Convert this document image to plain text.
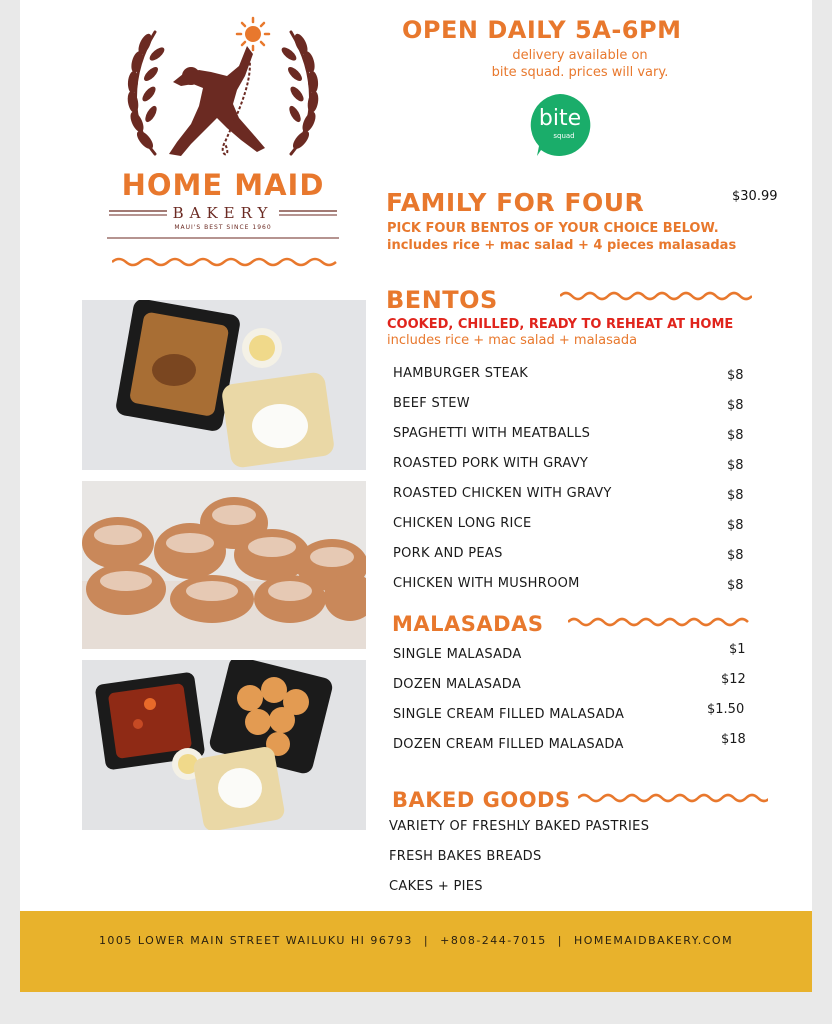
HOME MAID
BAKERY
MAUI'S BEST SINCE 1960
OPEN DAILY 5A-6PM
delivery available on
bite squad. prices will vary.
bite
squad
FAMILY FOR FOUR	$30.99
PICK FOUR BENTOS OF YOUR CHOICE BELOW.
includes rice + mac salad + 4 pieces malasadas
BENTOS
COOKED, CHILLED, READY TO REHEAT AT HOME
includes rice + mac salad + malasada
HAMBURGER STEAK	$8
BEEF STEW	$8
SPAGHETTI WITH MEATBALLS	$8
ROASTED PORK WITH GRAVY	$8
ROASTED CHICKEN WITH GRAVY	$8
CHICKEN LONG RICE	$8
PORK AND PEAS	$8
CHICKEN WITH MUSHROOM	$8
MALASADAS
SINGLE MALASADA	$1
DOZEN MALASADA	$12
SINGLE CREAM FILLED MALASADA	$1.50
DOZEN CREAM FILLED MALASADA	$18
BAKED GOODS
VARIETY OF FRESHLY BAKED PASTRIES
FRESH BAKES BREADS
CAKES + PIES
1005 LOWER MAIN STREET WAILUKU HI 96793 | +808-244-7015 | HOMEMAIDBAKERY.COM
